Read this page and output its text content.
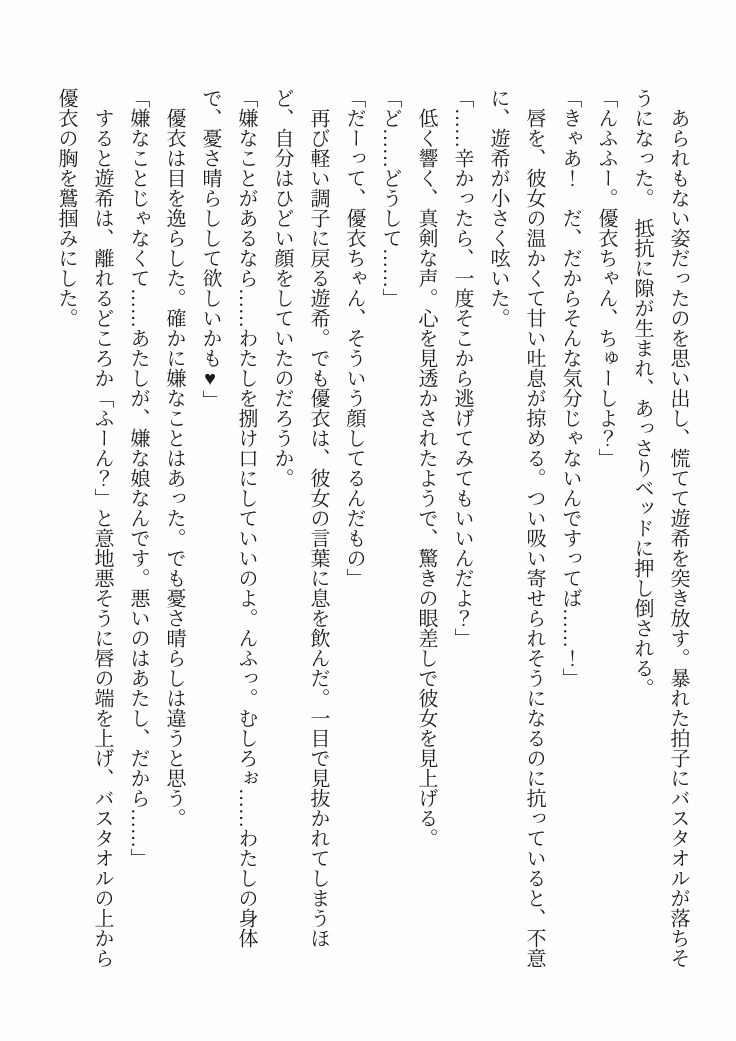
　あられもない姿だったのを思い出し、慌てて遊希を突き放す。暴れた拍子にバスタオルが落ちそうになった。　抵抗に隙が生まれ、あっさりベッドに押し倒される。

「んふふー。優衣ちゃん、ちゅーしよ？」

「きゃあ！　だ、だからそんな気分じゃないんですってば……！」

　唇を、彼女の温かくて甘い吐息が掠める。つい吸い寄せられそうになるのに抗っていると、不意に、遊希が小さく呟いた。

「……辛かったら、一度そこから逃げてみてもいいんだよ？」

　低く響く、真剣な声。心を見透かされたようで、驚きの眼差しで彼女を見上げる。

「ど……どうして……」

「だーって、優衣ちゃん、そういう顔してるんだもの」

　再び軽い調子に戻る遊希。でも優衣は、彼女の言葉に息を飲んだ。一目で見抜かれてしまうほど、自分はひどい顔をしていたのだろうか。

「嫌なことがあるなら……わたしを捌け口にしていいのよ。んふっ。むしろぉ……わたしの身体で、憂さ晴らしして欲しいかも♥」

　優衣は目を逸らした。確かに嫌なことはあった。でも憂さ晴らしは違うと思う。

「嫌なことじゃなくて……あたしが、嫌な娘なんです。悪いのはあたし、だから……」

　すると遊希は、離れるどころか「ふーん？」と意地悪そうに唇の端を上げ、バスタオルの上から優衣の胸を鷲掴みにした。
